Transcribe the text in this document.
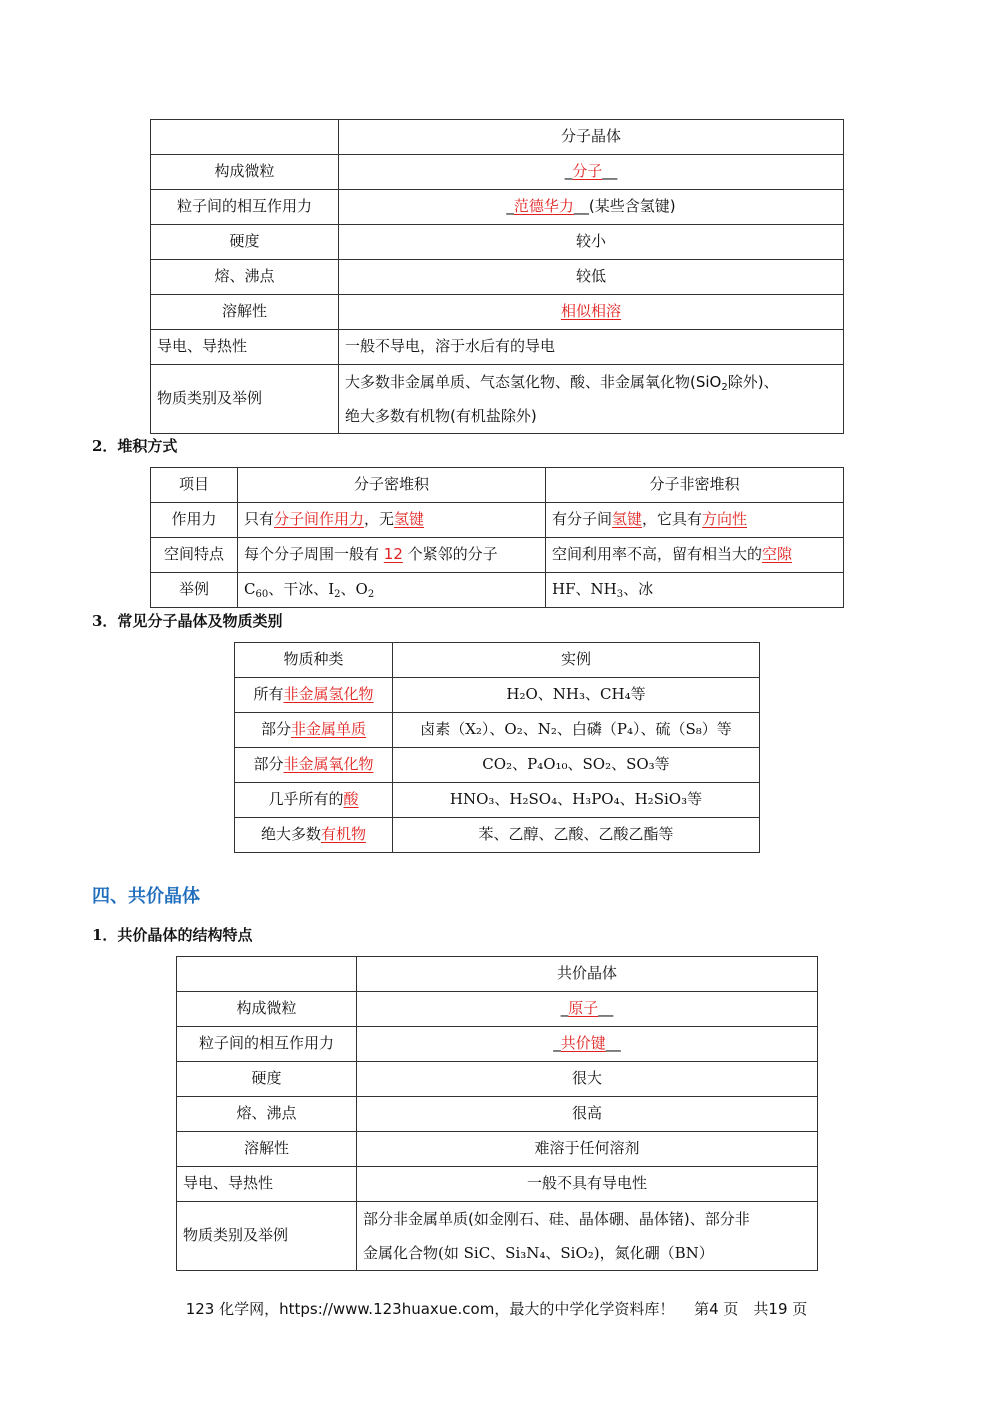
	分子晶体
构成微粒	_分子__
粒子间的相互作用力	_范德华力__(某些含氢键)
硬度	较小
熔、沸点	较低
溶解性	相似相溶
导电、导热性	一般不导电，溶于水后有的导电
物质类别及举例	大多数非金属单质、气态氢化物、酸、非金属氧化物(SiO$_2$除外)、
绝大多数有机物(有机盐除外)
2．堆积方式
项目	分子密堆积	分子非密堆积
作用力	只有分子间作用力，无氢键	有分子间氢键，它具有方向性
空间特点	每个分子周围一般有 12 个紧邻的分子	空间利用率不高，留有相当大的空隙
举例	$C_{60}$、干冰、$I_2$、$O_2$	HF、$NH_3$、冰
3．常见分子晶体及物质类别
物质种类	实例
所有非金属氢化物	H₂O、NH₃、CH₄等
部分非金属单质	卤素（X₂）、O₂、N₂、白磷（P₄）、硫（S₈）等
部分非金属氧化物	CO₂、P₄O₁₀、SO₂、SO₃等
几乎所有的酸	HNO₃、H₂SO₄、H₃PO₄、H₂SiO₃等
绝大多数有机物	苯、乙醇、乙酸、乙酸乙酯等
四、共价晶体
1．共价晶体的结构特点
	共价晶体
构成微粒	_原子__
粒子间的相互作用力	_共价键__
硬度	很大
熔、沸点	很高
溶解性	难溶于任何溶剂
导电、导热性	一般不具有导电性
物质类别及举例	部分非金属单质(如金刚石、硅、晶体硼、晶体锗)、部分非
金属化合物(如 SiC、Si₃N₄、SiO₂)，氮化硼（BN）
123 化学网，https://www.123huaxue.com，最大的中学化学资料库！　 第4 页　共19 页
